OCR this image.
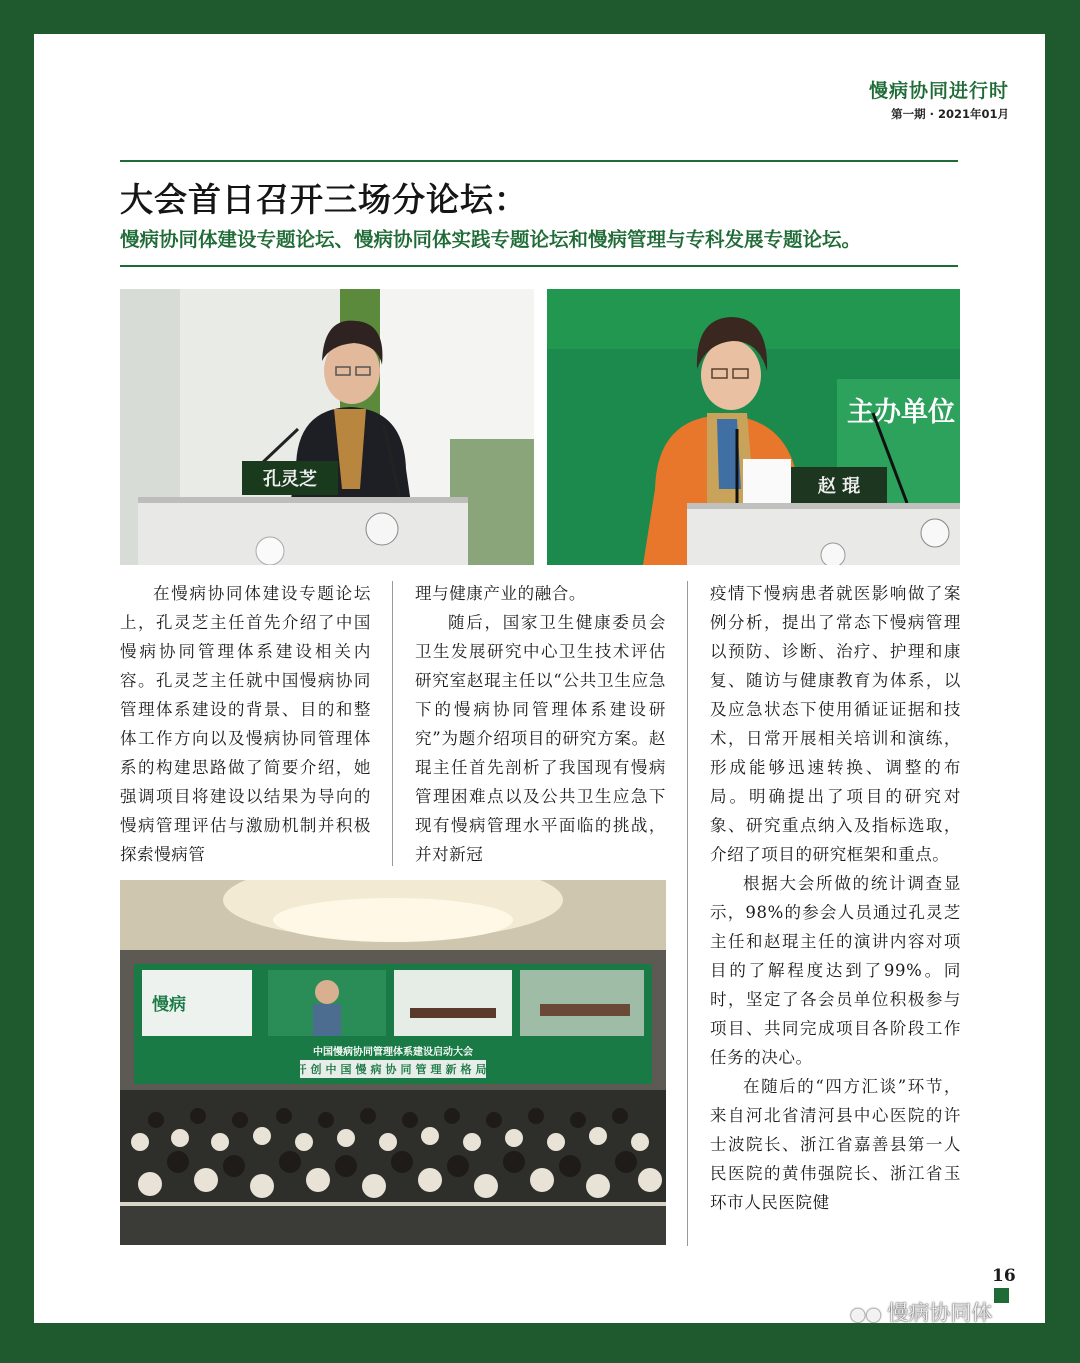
慢病协同进行时
第一期 · 2021年01月
大会首日召开三场分论坛：
慢病协同体建设专题论坛、慢病协同体实践专题论坛和慢病管理与专科发展专题论坛。
孔灵芝
主办单位
赵 琨

在慢病协同体建设专题论坛上，孔灵芝主任首先介绍了中国慢病协同管理体系建设相关内容。孔灵芝主任就中国慢病协同管理体系建设的背景、目的和整体工作方向以及慢病协同管理体系的构建思路做了简要介绍，她强调项目将建设以结果为导向的慢病管理评估与激励机制并积极探索慢病管

理与健康产业的融合。

随后，国家卫生健康委员会卫生发展研究中心卫生技术评估研究室赵琨主任以“公共卫生应急下的慢病协同管理体系建设研究”为题介绍项目的研究方案。赵琨主任首先剖析了我国现有慢病管理困难点以及公共卫生应急下现有慢病管理水平面临的挑战，并对新冠

疫情下慢病患者就医影响做了案例分析，提出了常态下慢病管理以预防、诊断、治疗、护理和康复、随访与健康教育为体系，以及应急状态下使用循证证据和技术，日常开展相关培训和演练，形成能够迅速转换、调整的布局。明确提出了项目的研究对象、研究重点纳入及指标选取，介绍了项目的研究框架和重点。

根据大会所做的统计调查显示，98%的参会人员通过孔灵芝主任和赵琨主任的演讲内容对项目的了解程度达到了99%。同时，坚定了各会员单位积极参与项目、共同完成项目各阶段工作任务的决心。

在随后的“四方汇谈”环节，来自河北省清河县中心医院的许士波院长、浙江省嘉善县第一人民医院的黄伟强院长、浙江省玉环市人民医院健

慢病
中国慢病协同管理体系建设启动大会
开创中国慢病协同管理新格局
16
●● 慢病协同体
